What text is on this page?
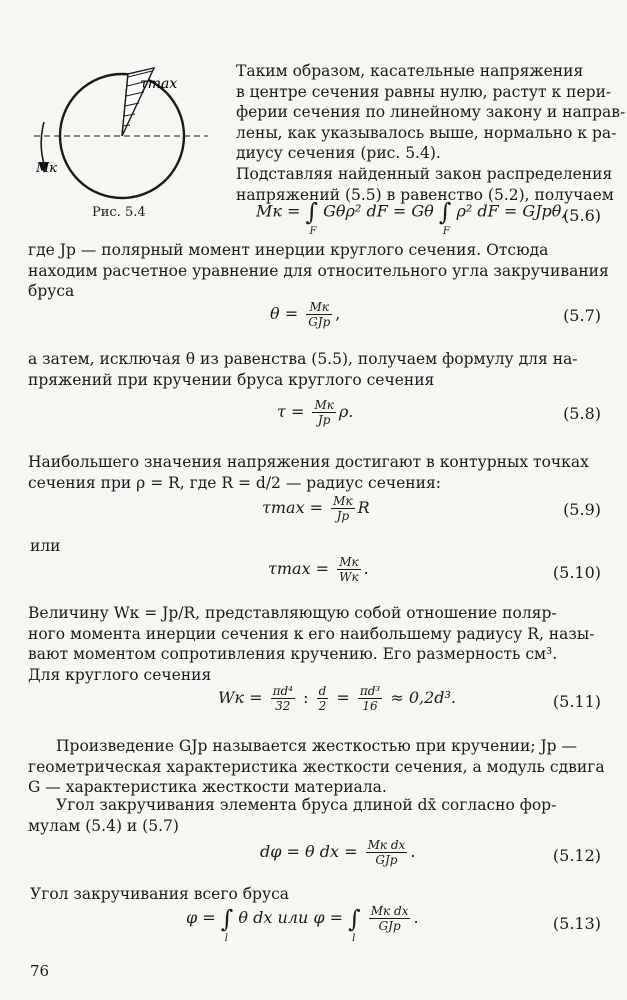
τmax
Mк
Рис. 5.4
Таким образом, касательные напряжения
в центре сечения равны нулю, растут к пери-
ферии сечения по линейному закону и направ-
лены, как указывалось выше, нормально к ра-
диусу сечения (рис. 5.4).
Подставляя найденный закон распределения
напряжений (5.5) в равенство (5.2), получаем
Mк = ∫
F
Gθρ² dF = Gθ ∫
F
ρ² dF = GJpθ,
(5.6)
где Jp — полярный момент инерции круглого сечения. Отсюда
находим расчетное уравнение для относительного угла закручивания
бруса
$\theta = \frac{Mк}{\text{GJp}}$ ,	(5.7)
а затем, исключая θ из равенства (5.5), получаем формулу для на-
пряжений при кручении бруса круглого сечения
$\tau = \frac{Mк}{Jp} \rho$.	(5.8)
Наибольшего значения напряжения достигают в контурных точках
сечения при ρ = R, где R = d/2 — радиус сечения:
$\tau\max = \frac{Mк}{Jp}$ R	(5.9)
или
$\tau\max = \frac{Mк}{Wк}$ .	(5.10)
Величину Wк = Jp/R, представляющую собой отношение поляр-
ного момента инерции сечения к его наибольшему радиусу R, назы-
вают моментом сопротивления кручению. Его размерность см³.
Для круглого сечения
Wк = $\frac{\text{πd⁴}}{32}$ : $\frac{d}{2} = \frac{\text{πd³}}{16} \approx 0,2d^3$.	(5.11)
Произведение GJp называется жесткостью при кручении; Jp —
геометрическая характеристика жесткости сечения, а модуль сдвига
G — характеристика жесткости материала.
Угол закручивания элемента бруса длиной dx̄ согласно фор-
мулам (5.4) и (5.7)
dφ = θ dx = $\frac{\text{Mк dx}}{\text{GJp}}$ .	(5.12)
Угол закручивания всего бруса
φ = ∫
l
θ dx или φ = ∫
l

$\frac{\text{Mк dx}}{\text{GJp}}$ .	(5.13)
76
